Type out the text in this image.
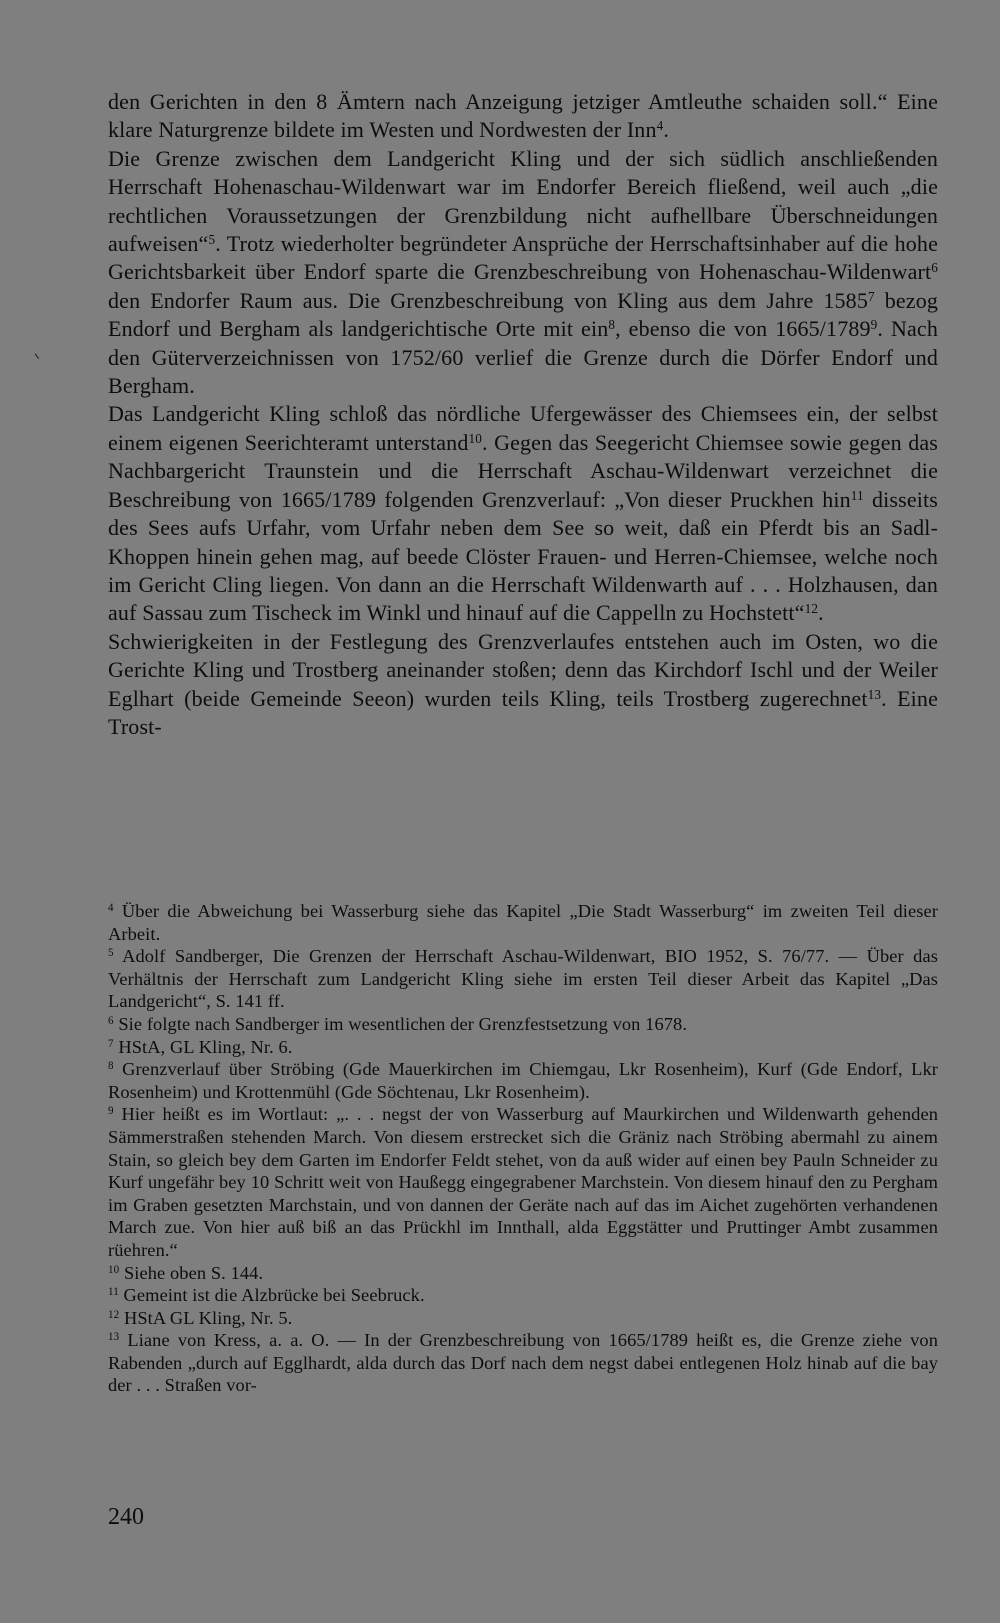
den Gerichten in den 8 Ämtern nach Anzeigung jetziger Amtleuthe schaiden soll.“ Eine klare Naturgrenze bildete im Westen und Nordwesten der Inn$^4$.

Die Grenze zwischen dem Landgericht Kling und der sich südlich anschließenden Herrschaft Hohenaschau-Wildenwart war im Endorfer Bereich fließend, weil auch „die rechtlichen Voraussetzungen der Grenzbildung nicht aufhellbare Überschneidungen aufweisen“$^5$. Trotz wiederholter begründeter Ansprüche der Herrschaftsinhaber auf die hohe Gerichtsbarkeit über Endorf sparte die Grenzbeschreibung von Hohenaschau-Wildenwart$^6$ den Endorfer Raum aus. Die Grenzbeschreibung von Kling aus dem Jahre 1585$^7$ bezog Endorf und Bergham als landgerichtische Orte mit ein$^8$, ebenso die von 1665/1789$^9$. Nach den Güterverzeichnissen von 1752/60 verlief die Grenze durch die Dörfer Endorf und Bergham.

Das Landgericht Kling schloß das nördliche Ufergewässer des Chiemsees ein, der selbst einem eigenen Seerichteramt unterstand$^{10}$. Gegen das Seegericht Chiemsee sowie gegen das Nachbargericht Traunstein und die Herrschaft Aschau-Wildenwart verzeichnet die Beschreibung von 1665/1789 folgenden Grenzverlauf: „Von dieser Pruckhen hin$^{11}$ disseits des Sees aufs Urfahr, vom Urfahr neben dem See so weit, daß ein Pferdt bis an Sadl-Khoppen hinein gehen mag, auf beede Clöster Frauen- und Herren-Chiemsee, welche noch im Gericht Cling liegen. Von dann an die Herrschaft Wildenwarth auf . . . Holzhausen, dan auf Sassau zum Tischeck im Winkl und hinauf auf die Cappelln zu Hochstett“$^{12}$.

Schwierigkeiten in der Festlegung des Grenzverlaufes entstehen auch im Osten, wo die Gerichte Kling und Trostberg aneinander stoßen; denn das Kirchdorf Ischl und der Weiler Eglhart (beide Gemeinde Seeon) wurden teils Kling, teils Trostberg zugerechnet$^{13}$. Eine Trost-

$^4$ Über die Abweichung bei Wasserburg siehe das Kapitel „Die Stadt Wasserburg“ im zweiten Teil dieser Arbeit.

$^5$ Adolf Sandberger, Die Grenzen der Herrschaft Aschau-Wildenwart, BIO 1952, S. 76/77. — Über das Verhältnis der Herrschaft zum Landgericht Kling siehe im ersten Teil dieser Arbeit das Kapitel „Das Landgericht“, S. 141 ff.

$^6$ Sie folgte nach Sandberger im wesentlichen der Grenzfestsetzung von 1678.

$^7$ HStA, GL Kling, Nr. 6.

$^8$ Grenzverlauf über Ströbing (Gde Mauerkirchen im Chiemgau, Lkr Rosenheim), Kurf (Gde Endorf, Lkr Rosenheim) und Krottenmühl (Gde Söchtenau, Lkr Rosenheim).

$^9$ Hier heißt es im Wortlaut: „. . . negst der von Wasserburg auf Maurkirchen und Wildenwarth gehenden Sämmerstraßen stehenden March. Von diesem erstrecket sich die Gräniz nach Ströbing abermahl zu ainem Stain, so gleich bey dem Garten im Endorfer Feldt stehet, von da auß wider auf einen bey Pauln Schneider zu Kurf ungefähr bey 10 Schritt weit von Haußegg eingegrabener Marchstein. Von diesem hinauf den zu Pergham im Graben gesetzten Marchstain, und von dannen der Geräte nach auf das im Aichet zugehörten verhandenen March zue. Von hier auß biß an das Prückhl im Innthall, alda Eggstätter und Pruttinger Ambt zusammen rüehren.“

$^{10}$ Siehe oben S. 144.

$^{11}$ Gemeint ist die Alzbrücke bei Seebruck.

$^{12}$ HStA GL Kling, Nr. 5.

$^{13}$ Liane von Kress, a. a. O. — In der Grenzbeschreibung von 1665/1789 heißt es, die Grenze ziehe von Rabenden „durch auf Egglhardt, alda durch das Dorf nach dem negst dabei entlegenen Holz hinab auf die bay der . . . Straßen vor-

240
